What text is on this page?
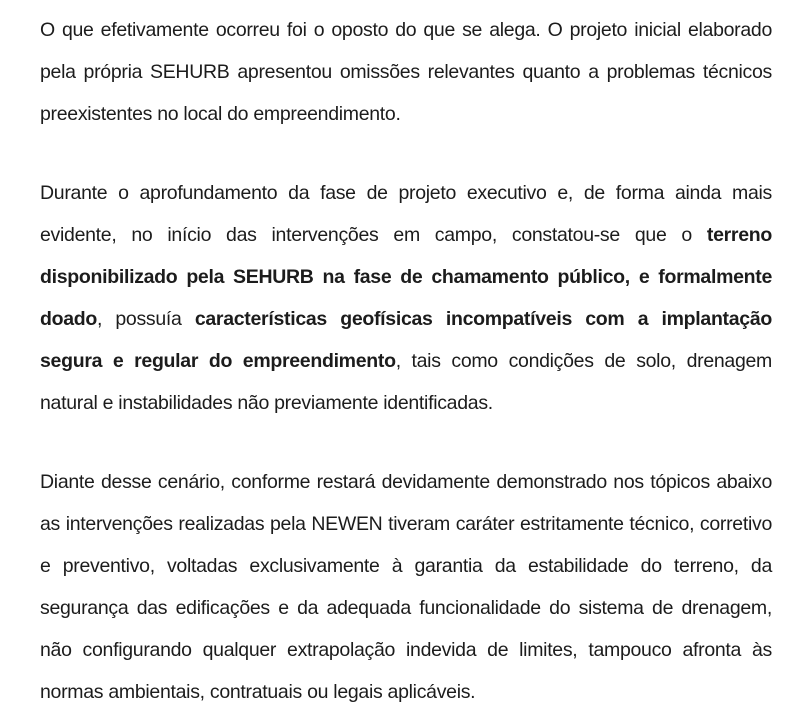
O que efetivamente ocorreu foi o oposto do que se alega. O projeto inicial elaborado pela própria SEHURB apresentou omissões relevantes quanto a problemas técnicos preexistentes no local do empreendimento.

Durante o aprofundamento da fase de projeto executivo e, de forma ainda mais evidente, no início das intervenções em campo, constatou-se que o terreno disponibilizado pela SEHURB na fase de chamamento público, e formalmente doado, possuía características geofísicas incompatíveis com a implantação segura e regular do empreendimento, tais como condições de solo, drenagem natural e instabilidades não previamente identificadas.

Diante desse cenário, conforme restará devidamente demonstrado nos tópicos abaixo as intervenções realizadas pela NEWEN tiveram caráter estritamente técnico, corretivo e preventivo, voltadas exclusivamente à garantia da estabilidade do terreno, da segurança das edificações e da adequada funcionalidade do sistema de drenagem, não configurando qualquer extrapolação indevida de limites, tampouco afronta às normas ambientais, contratuais ou legais aplicáveis.
